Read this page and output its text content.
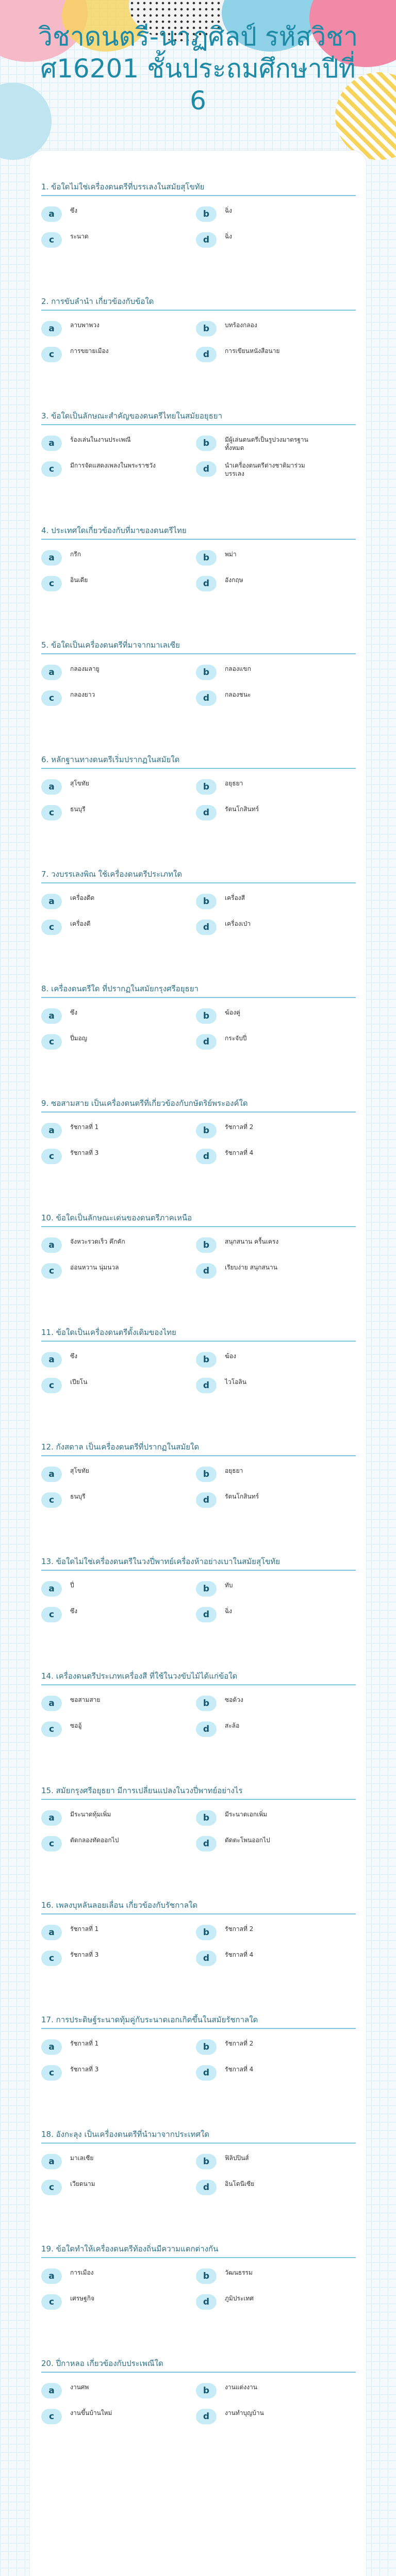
วิชาดนตรี-นาฏศิลป์ รหัสวิชา ศ16201 ชั้นประถมศึกษาปีที่ 6
1. ข้อใดไม่ใช่เครื่องดนตรีที่บรรเลงในสมัยสุโขทัย
a	ซึง	b	ฉิ่ง
c	ระนาด	d	ฉิ่ง
2. การขับลำนำ เกี่ยวข้องกับข้อใด
a	ลาบพาพวง	b	บทร้องกลอง
c	การขยายเมือง	d	การเขียนหนังสือนาย
3. ข้อใดเป็นลักษณะสำคัญของดนตรีไทยในสมัยอยุธยา
a	ร้องเล่นในงานประเพณี	b	มีผู้เล่นดนตรีเป็นรูปวงมาตรฐานทั้งหมด
c	มีการจัดแสดงเพลงในพระราชวัง	d	นำเครื่องดนตรีต่างชาติมาร่วมบรรเลง
4. ประเทศใดเกี่ยวข้องกับที่มาของดนตรีไทย
a	กรีก	b	พม่า
c	อินเดีย	d	อังกฤษ
5. ข้อใดเป็นเครื่องดนตรีที่มาจากมาเลเซีย
a	กลองมลายู	b	กลองแขก
c	กลองยาว	d	กลองชนะ
6. หลักฐานทางดนตรีเริ่มปรากฏในสมัยใด
a	สุโขทัย	b	อยุธยา
c	ธนบุรี	d	รัตนโกสินทร์
7. วงบรรเลงพิณ ใช้เครื่องดนตรีประเภทใด
a	เครื่องดีด	b	เครื่องสี
c	เครื่องตี	d	เครื่องเป่า
8. เครื่องดนตรีใด ที่ปรากฏในสมัยกรุงศรีอยุธยา
a	ซึง	b	ฆ้องคู่
c	ปี่มอญ	d	กระจับปี่
9. ซอสามสาย เป็นเครื่องดนตรีที่เกี่ยวข้องกับกษัตริย์พระองค์ใด
a	รัชกาลที่ 1	b	รัชกาลที่ 2
c	รัชกาลที่ 3	d	รัชกาลที่ 4
10. ข้อใดเป็นลักษณะเด่นของดนตรีภาคเหนือ
a	จังหวะรวดเร็ว คึกคัก	b	สนุกสนาน ครื้นเครง
c	อ่อนหวาน นุ่มนวล	d	เรียบง่าย สนุกสนาน
11. ข้อใดเป็นเครื่องดนตรีดั้งเดิมของไทย
a	ซึง	b	ฆ้อง
c	เปียโน	d	ไวโอลิน
12. กังสดาล เป็นเครื่องดนตรีที่ปรากฏในสมัยใด
a	สุโขทัย	b	อยุธยา
c	ธนบุรี	d	รัตนโกสินทร์
13. ข้อใดไม่ใช่เครื่องดนตรีในวงปี่พาทย์เครื่องห้าอย่างเบาในสมัยสุโขทัย
a	ปี่	b	ทับ
c	ซึง	d	ฉิ่ง
14. เครื่องดนตรีประเภทเครื่องสี ที่ใช้ในวงขับไม้ได้แก่ข้อใด
a	ซอสามสาย	b	ซอด้วง
c	ซออู้	d	สะล้อ
15. สมัยกรุงศรีอยุธยา มีการเปลี่ยนแปลงในวงปี่พาทย์อย่างไร
a	มีระนาดทุ้มเพิ่ม	b	มีระนาดเอกเพิ่ม
c	ตัดกลองทัดออกไป	d	ตัดตะโพนออกไป
16. เพลงบุหลันลอยเลื่อน เกี่ยวข้องกับรัชกาลใด
a	รัชกาลที่ 1	b	รัชกาลที่ 2
c	รัชกาลที่ 3	d	รัชกาลที่ 4
17. การประดิษฐ์ระนาดทุ้มคู่กับระนาดเอกเกิดขึ้นในสมัยรัชกาลใด
a	รัชกาลที่ 1	b	รัชกาลที่ 2
c	รัชกาลที่ 3	d	รัชกาลที่ 4
18. อังกะลุง เป็นเครื่องดนตรีที่นำมาจากประเทศใด
a	มาเลเซีย	b	ฟิลิปปินส์
c	เวียดนาม	d	อินโดนีเซีย
19. ข้อใดทำให้เครื่องดนตรีท้องถิ่นมีความแตกต่างกัน
a	การเมือง	b	วัฒนธรรม
c	เศรษฐกิจ	d	ภูมิประเทศ
20. ปี่กาหลอ เกี่ยวข้องกับประเพณีใด
a	งานศพ	b	งานแต่งงาน
c	งานขึ้นบ้านใหม่	d	งานทำบุญบ้าน
